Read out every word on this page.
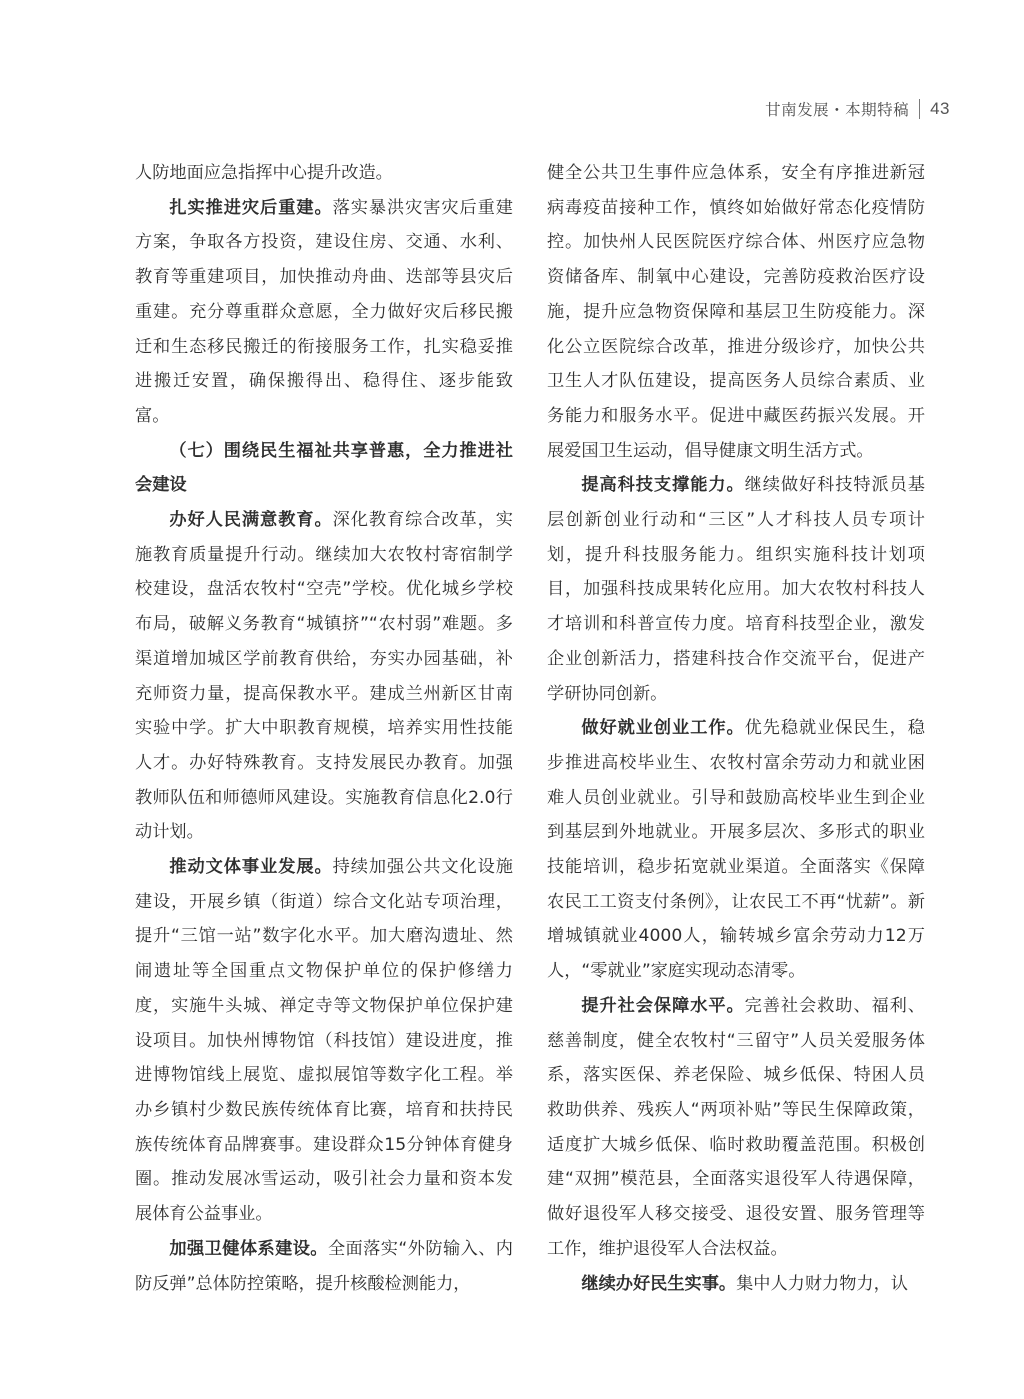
甘南发展・本期特稿 43

人防地面应急指挥中心提升改造。

扎实推进灾后重建。落实暴洪灾害灾后重建方案，争取各方投资，建设住房、交通、水利、教育等重建项目，加快推动舟曲、迭部等县灾后重建。充分尊重群众意愿，全力做好灾后移民搬迁和生态移民搬迁的衔接服务工作，扎实稳妥推进搬迁安置，确保搬得出、稳得住、逐步能致富。

（七）围绕民生福祉共享普惠，全力推进社会建设

办好人民满意教育。深化教育综合改革，实施教育质量提升行动。继续加大农牧村寄宿制学校建设，盘活农牧村“空壳”学校。优化城乡学校布局，破解义务教育“城镇挤”“农村弱”难题。多渠道增加城区学前教育供给，夯实办园基础，补充师资力量，提高保教水平。建成兰州新区甘南实验中学。扩大中职教育规模，培养实用性技能人才。办好特殊教育。支持发展民办教育。加强教师队伍和师德师风建设。实施教育信息化2.0行动计划。

推动文体事业发展。持续加强公共文化设施建设，开展乡镇（街道）综合文化站专项治理，提升“三馆一站”数字化水平。加大磨沟遗址、然闹遗址等全国重点文物保护单位的保护修缮力度，实施牛头城、禅定寺等文物保护单位保护建设项目。加快州博物馆（科技馆）建设进度，推进博物馆线上展览、虚拟展馆等数字化工程。举办乡镇村少数民族传统体育比赛，培育和扶持民族传统体育品牌赛事。建设群众15分钟体育健身圈。推动发展冰雪运动，吸引社会力量和资本发展体育公益事业。

加强卫健体系建设。全面落实“外防输入、内防反弹”总体防控策略，提升核酸检测能力，

健全公共卫生事件应急体系，安全有序推进新冠病毒疫苗接种工作，慎终如始做好常态化疫情防控。加快州人民医院医疗综合体、州医疗应急物资储备库、制氧中心建设，完善防疫救治医疗设施，提升应急物资保障和基层卫生防疫能力。深化公立医院综合改革，推进分级诊疗，加快公共卫生人才队伍建设，提高医务人员综合素质、业务能力和服务水平。促进中藏医药振兴发展。开展爱国卫生运动，倡导健康文明生活方式。

提高科技支撑能力。继续做好科技特派员基层创新创业行动和“三区”人才科技人员专项计划，提升科技服务能力。组织实施科技计划项目，加强科技成果转化应用。加大农牧村科技人才培训和科普宣传力度。培育科技型企业，激发企业创新活力，搭建科技合作交流平台，促进产学研协同创新。

做好就业创业工作。优先稳就业保民生，稳步推进高校毕业生、农牧村富余劳动力和就业困难人员创业就业。引导和鼓励高校毕业生到企业到基层到外地就业。开展多层次、多形式的职业技能培训，稳步拓宽就业渠道。全面落实《保障农民工工资支付条例》，让农民工不再“忧薪”。新增城镇就业4000人，输转城乡富余劳动力12万人，“零就业”家庭实现动态清零。

提升社会保障水平。完善社会救助、福利、慈善制度，健全农牧村“三留守”人员关爱服务体系，落实医保、养老保险、城乡低保、特困人员救助供养、残疾人“两项补贴”等民生保障政策，适度扩大城乡低保、临时救助覆盖范围。积极创建“双拥”模范县，全面落实退役军人待遇保障，做好退役军人移交接受、退役安置、服务管理等工作，维护退役军人合法权益。

继续办好民生实事。集中人力财力物力，认
